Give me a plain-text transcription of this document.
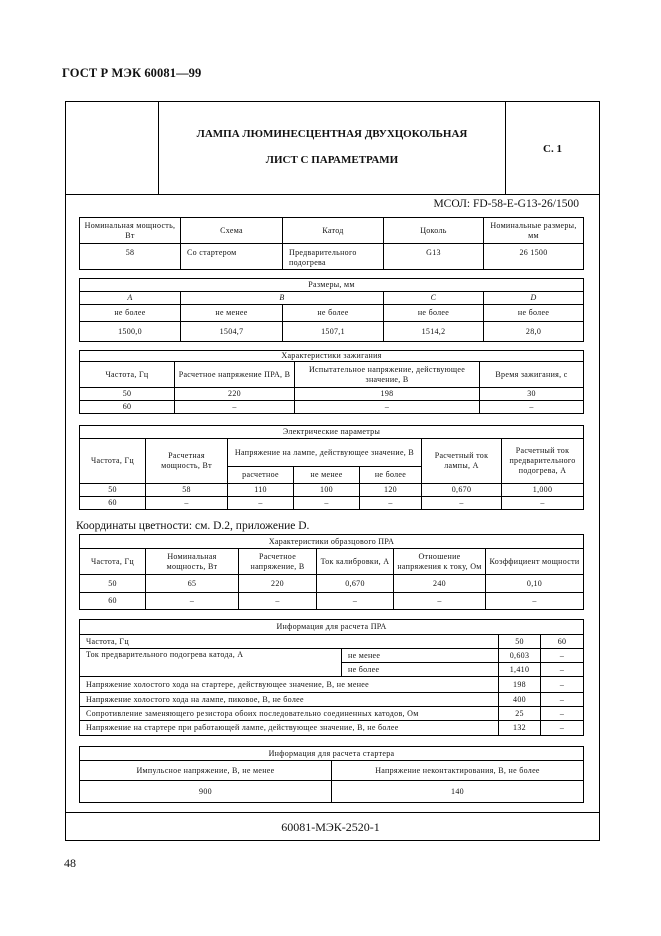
ГОСТ Р МЭК 60081—99
ЛАМПА ЛЮМИНЕСЦЕНТНАЯ ДВУХЦОКОЛЬНАЯ
ЛИСТ С ПАРАМЕТРАМИ
С. 1
МСОЛ: FD-58-E-G13-26/1500
Номинальная мощность, Вт	Схема	Катод	Цоколь	Номинальные размеры, мм
58	Со стартером	Предварительного подогрева	G13	26 1500
Размеры, мм				
A	B		C	D
не более	не менее	не более	не более	не более
1500,0	1504,7	1507,1	1514,2	28,0
Характеристики зажигания			
Частота, Гц	Расчетное напряжение ПРА, В	Испытательное напряжение, действующее значение, В	Время зажигания, с
50	220	198	30
60	–	–	–
Электрические параметры						
Частота, Гц	Расчетная мощность, Вт	Напряжение на лампе, действующее значение, В			Расчетный ток лампы, А	Расчетный ток предварительного подогрева, А
		расчетное	не менее	не более		
50	58	110	100	120	0,670	1,000
60	–	–	–	–	–	–
Координаты цветности: см. D.2, приложение D.
Характеристики образцового ПРА					
Частота, Гц	Номинальная мощность, Вт	Расчетное напряжение, В	Ток калибровки, А	Отношение напряжения к току, Ом	Коэффициент мощности
50	65	220	0,670	240	0,10
60	–	–	–	–	–
Информация для расчета ПРА			
Частота, Гц		50	60
Ток предварительного подогрева катода, А	не менее	0,603	–
	не более	1,410	–
Напряжение холостого хода на стартере, действующее значение, В, не менее		198	–
Напряжение холостого хода на лампе, пиковое, В, не более		400	–
Сопротивление заменяющего резистора обоих последовательно соединенных катодов, Ом		25	–
Напряжение на стартере при работающей лампе, действующее значение, В, не более		132	–
Информация для расчета стартера	
Импульсное напряжение, В, не менее	Напряжение неконтактирования, В, не более
900	140
60081-МЭК-2520-1
48
